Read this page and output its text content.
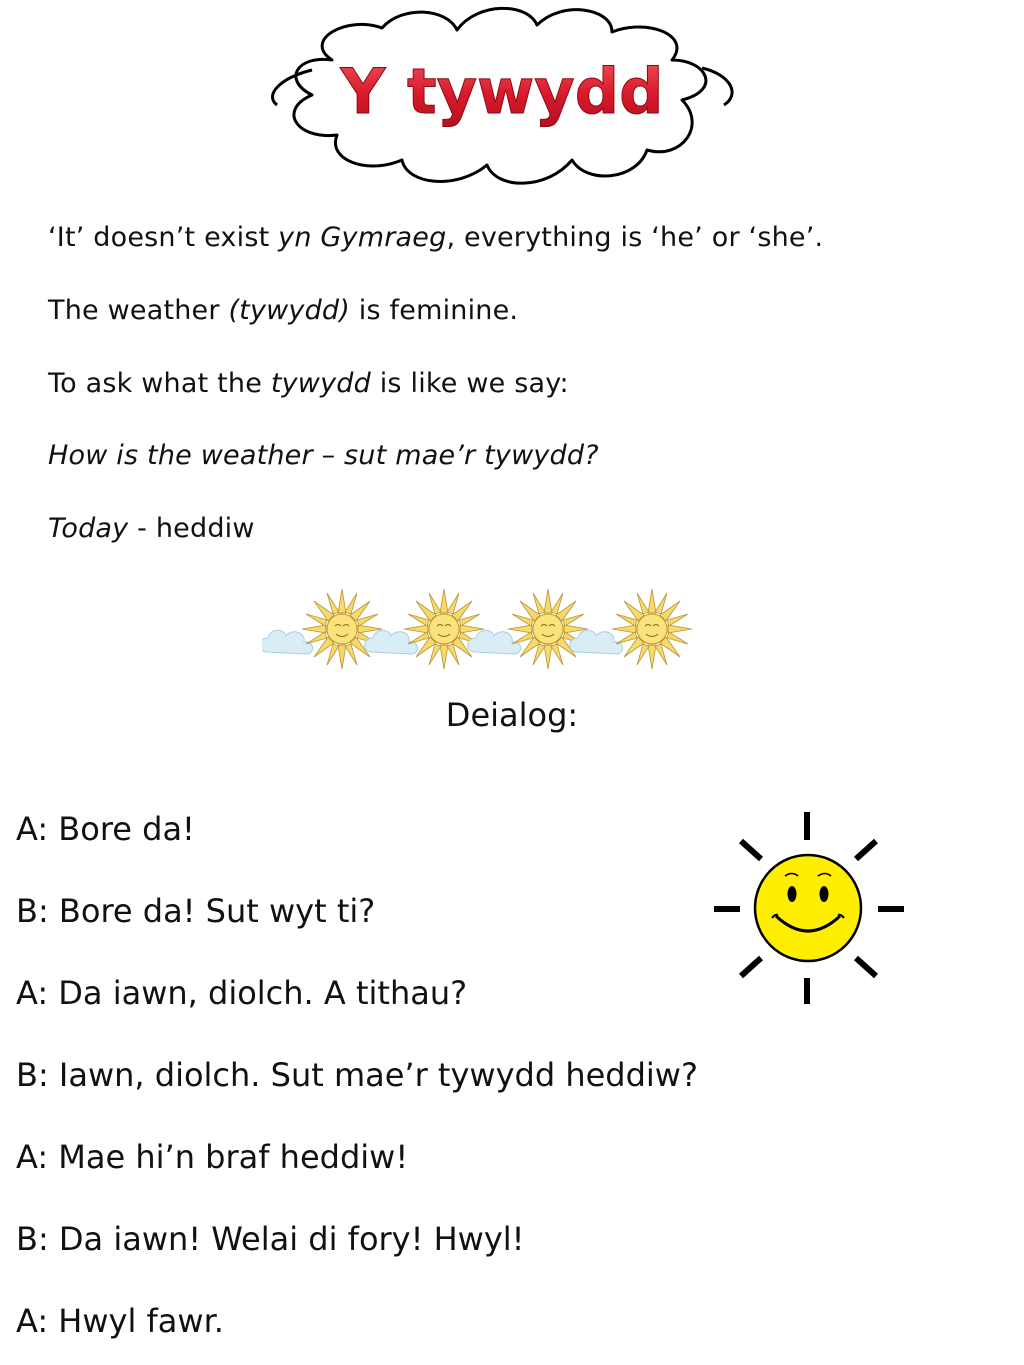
Y tywydd

‘It’ doesn’t exist yn Gymraeg, everything is ‘he’ or ‘she’.

The weather (tywydd) is feminine.

To ask what the tywydd is like we say:

How is the weather – sut mae’r tywydd?

Today - heddiw

Deialog:

A: Bore da!

B: Bore da! Sut wyt ti?

A: Da iawn, diolch. A tithau?

B: Iawn, diolch. Sut mae’r tywydd heddiw?

A: Mae hi’n braf heddiw!

B: Da iawn! Welai di fory! Hwyl!

A: Hwyl fawr.
